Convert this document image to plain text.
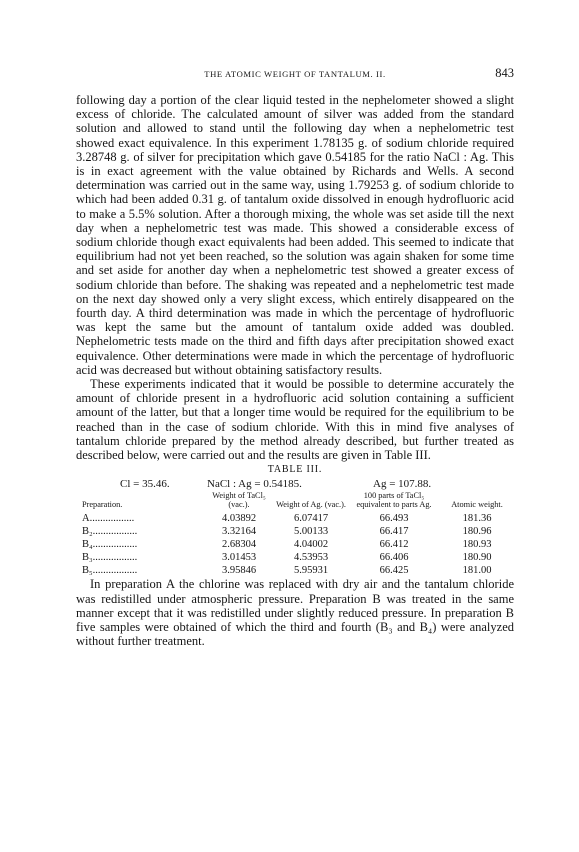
THE ATOMIC WEIGHT OF TANTALUM. II.	843

following day a portion of the clear liquid tested in the nephelometer showed a slight excess of chloride. The calculated amount of silver was added from the standard solution and allowed to stand until the following day when a nephelometric test showed exact equivalence. In this experiment 1.78135 g. of sodium chloride required 3.28748 g. of silver for precipitation which gave 0.54185 for the ratio NaCl : Ag. This is in exact agreement with the value obtained by Richards and Wells. A second determination was carried out in the same way, using 1.79253 g. of sodium chloride to which had been added 0.31 g. of tantalum oxide dissolved in enough hydrofluoric acid to make a 5.5% solution. After a thorough mixing, the whole was set aside till the next day when a nephelometric test was made. This showed a considerable excess of sodium chloride though exact equivalents had been added. This seemed to indicate that equilibrium had not yet been reached, so the solution was again shaken for some time and set aside for another day when a nephelometric test showed a greater excess of sodium chloride than before. The shaking was repeated and a nephelometric test made on the next day showed only a very slight excess, which entirely disappeared on the fourth day. A third determination was made in which the percentage of hydrofluoric was kept the same but the amount of tantalum oxide added was doubled. Nephelometric tests made on the third and fifth days after precipitation showed exact equivalence. Other determinations were made in which the percentage of hydrofluoric acid was decreased but without obtaining satisfactory results.

These experiments indicated that it would be possible to determine accurately the amount of chloride present in a hydrofluoric acid solution containing a sufficient amount of the latter, but that a longer time would be required for the equilibrium to be reached than in the case of sodium chloride. With this in mind five analyses of tantalum chloride prepared by the method already described, but further treated as described below, were carried out and the results are given in Table III.

TABLE III.
Cl = 35.46.	NaCl : Ag = 0.54185.	Ag = 107.88.
Preparation.	Weight of TaCl₅ (vac.).	Weight of Ag. (vac.).	100 parts of TaCl₅ equivalent to parts Ag.	Atomic weight.
A.................	4.03892	6.07417	66.493	181.36
B₂.................	3.32164	5.00133	66.417	180.96
B₄.................	2.68304	4.04002	66.412	180.93
B₃.................	3.01453	4.53953	66.406	180.90
B₅.................	3.95846	5.95931	66.425	181.00

In preparation A the chlorine was replaced with dry air and the tantalum chloride was redistilled under atmospheric pressure. Preparation B was treated in the same manner except that it was redistilled under slightly reduced pressure. In preparation B five samples were obtained of which the third and fourth (B₃ and B₄) were analyzed without further treatment.
